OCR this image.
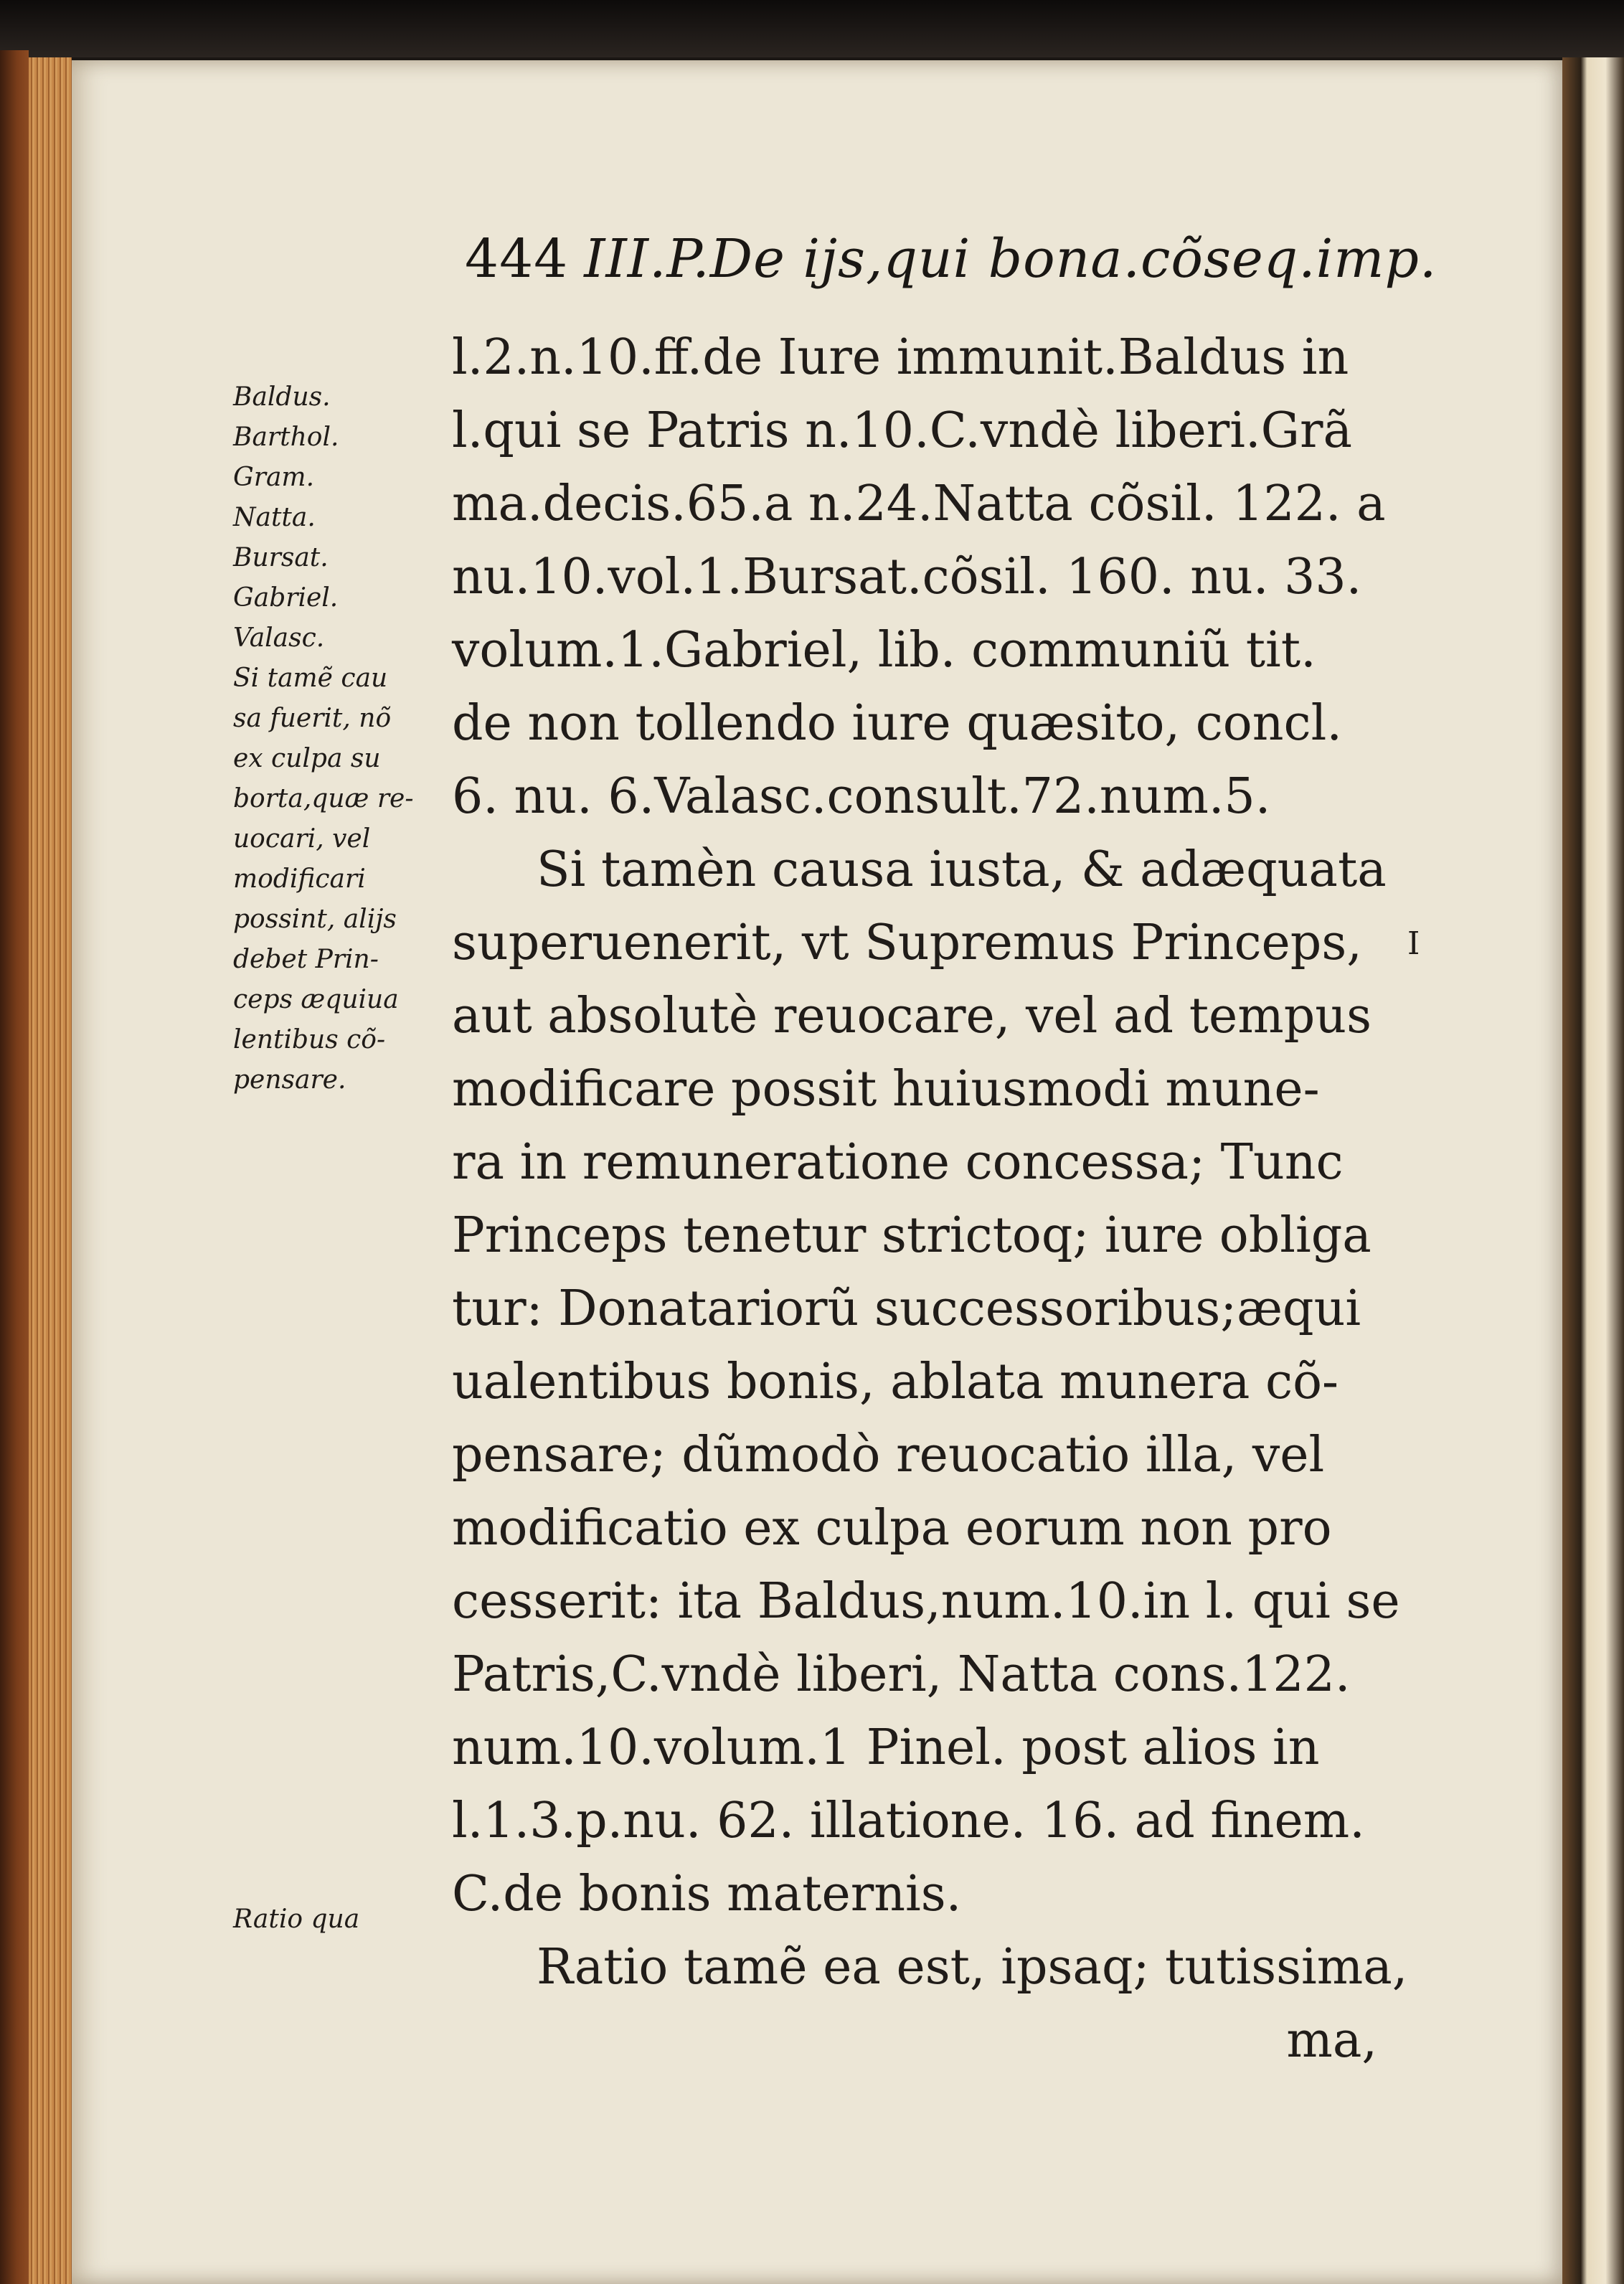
444 III.P.De ijs,qui bona.cõseq.imp.
Baldus.
Barthol.
Gram.
Natta.
Bursat.
Gabriel.
Valasc.
Si tamẽ cau
sa fuerit, nõ
ex culpa su
borta,quæ re-
uocari, vel
modificari
possint, alijs
debet Prin-
ceps æquiua
lentibus cõ-
pensare.
Ratio qua
I
l.2.n.10.ff.de Iure immunit.Baldus in
l.qui se Patris n.10.C.vndè liberi.Grã
ma.decis.65.a n.24.Natta cõsil. 122. a
nu.10.vol.1.Bursat.cõsil. 160. nu. 33.
volum.1.Gabriel, lib. communiũ tit.
de non tollendo iure quæsito, concl.
6. nu. 6.Valasc.consult.72.num.5.
Si tamèn causa iusta, & adæquata
superuenerit, vt Supremus Princeps,
aut absolutè reuocare, vel ad tempus
modificare possit huiusmodi mune-
ra in remuneratione concessa; Tunc
Princeps tenetur strictoq; iure obliga
tur: Donatariorũ successoribus;æqui
ualentibus bonis, ablata munera cõ-
pensare; dũmodò reuocatio illa, vel
modificatio ex culpa eorum non pro
cesserit: ita Baldus,num.10.in l. qui se
Patris,C.vndè liberi, Natta cons.122.
num.10.volum.1 Pinel. post alios in
l.1.3.p.nu. 62. illatione. 16. ad finem.
C.de bonis maternis.
Ratio tamẽ ea est, ipsaq; tutissima,
ma,
